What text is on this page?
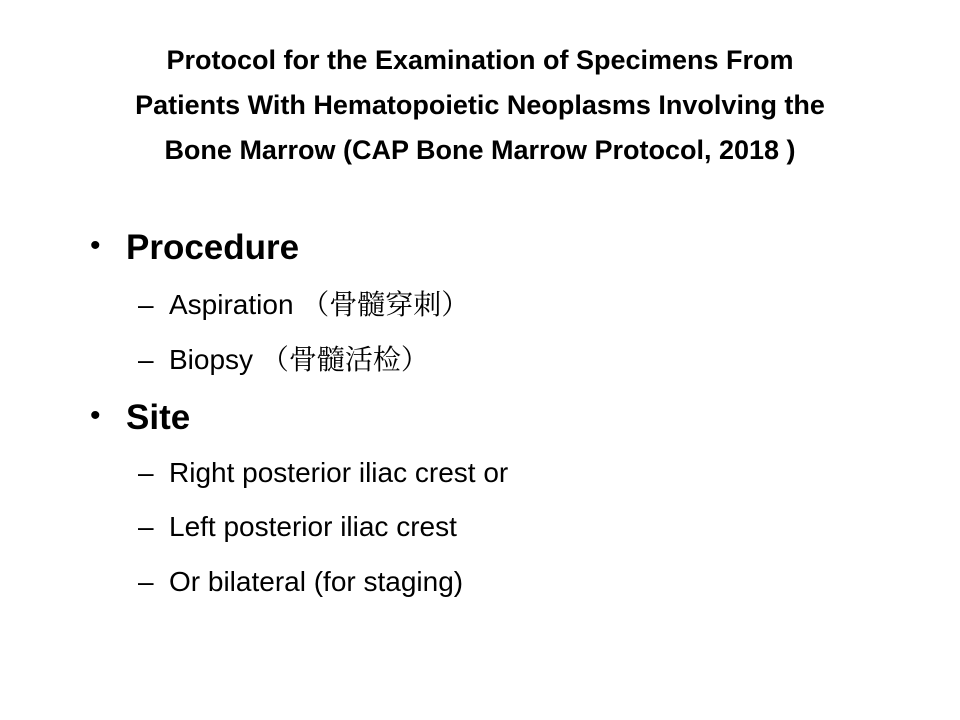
Protocol for the Examination of Specimens From
Patients With Hematopoietic Neoplasms Involving the
Bone Marrow (CAP Bone Marrow Protocol, 2018 )
• Procedure
– Aspiration （骨髓穿刺）
– Biopsy （骨髓活检）
• Site
– Right posterior iliac crest or
– Left posterior iliac crest
– Or bilateral (for staging)
